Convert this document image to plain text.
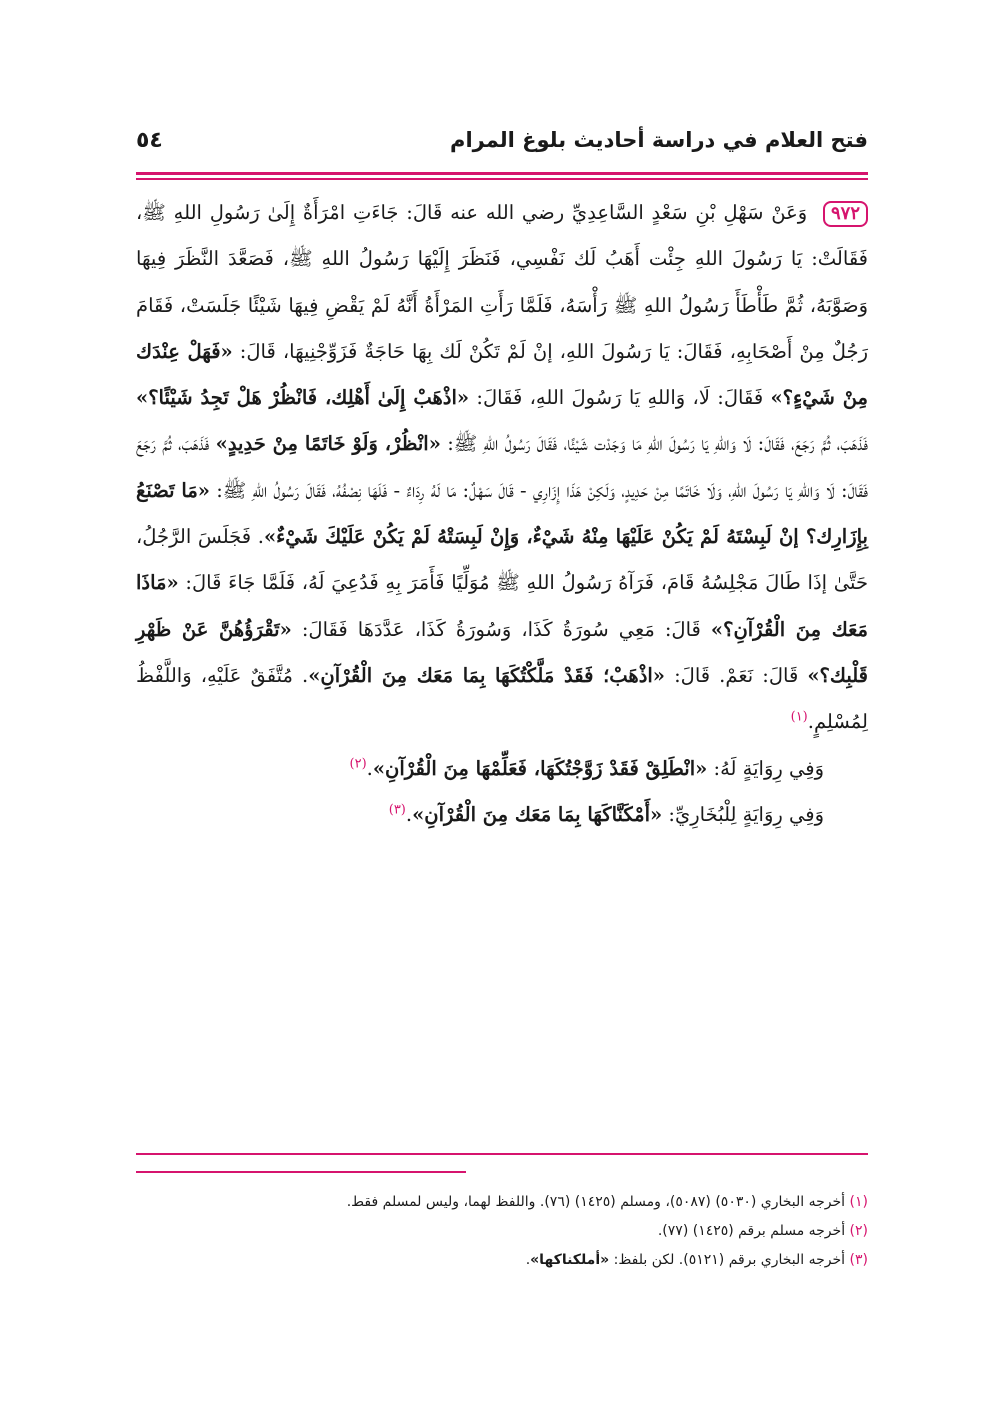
فتح العلام في دراسة أحاديث بلوغ المرام
٥٤

٩٧٢ وَعَنْ سَهْلِ بْنِ سَعْدٍ السَّاعِدِيِّ رضي الله عنه قَالَ: جَاءَتِ امْرَأَةٌ إِلَىٰ رَسُولِ اللهِ ﷺ، فَقَالَتْ: يَا رَسُولَ اللهِ جِئْت أَهَبُ لَك نَفْسِي، فَنَظَرَ إِلَيْهَا رَسُولُ اللهِ ﷺ، فَصَعَّدَ النَّظَرَ فِيهَا وَصَوَّبَهُ، ثُمَّ طَأْطَأَ رَسُولُ اللهِ ﷺ رَأْسَهُ، فَلَمَّا رَأَتِ المَرْأَةُ أَنَّهُ لَمْ يَقْضِ فِيهَا شَيْئًا جَلَسَتْ، فَقَامَ رَجُلٌ مِنْ أَصْحَابِهِ، فَقَالَ: يَا رَسُولَ اللهِ، إنْ لَمْ تَكُنْ لَك بِهَا حَاجَةٌ فَزَوِّجْنِيهَا، قَالَ: «فَهَلْ عِنْدَك مِنْ شَيْءٍ؟» فَقَالَ: لَا، وَاللهِ يَا رَسُولَ اللهِ، فَقَالَ: «اذْهَبْ إِلَىٰ أَهْلِك، فَانْظُرْ هَلْ تَجِدُ شَيْئًا؟» فَذَهَبَ، ثُمَّ رَجَعَ، فَقَالَ: لَا وَاللهِ يَا رَسُولَ اللهِ مَا وَجَدْت شَيْئًا، فَقَالَ رَسُولُ اللهِ ﷺ: «انْظُرْ، وَلَوْ خَاتَمًا مِنْ حَدِيدٍ» فَذَهَبَ، ثُمَّ رَجَعَ فَقَالَ: لَا وَاللهِ يَا رَسُولَ اللهِ، وَلَا خَاتَمًا مِنْ حَدِيدٍ، وَلَكِنْ هَذَا إِزَارِي - قَالَ سَهْلٌ: مَا لَهُ رِدَاءٌ - فَلَهَا نِصْفُهُ، فَقَالَ رَسُولُ اللهِ ﷺ: «مَا تَصْنَعُ بِإِزَارِك؟ إنْ لَبِسْتَهُ لَمْ يَكُنْ عَلَيْهَا مِنْهُ شَيْءٌ، وَإِنْ لَبِسَتْهُ لَمْ يَكُنْ عَلَيْكَ شَيْءٌ». فَجَلَسَ الرَّجُلُ، حَتَّىٰ إذَا طَالَ مَجْلِسُهُ قَامَ، فَرَآهُ رَسُولُ اللهِ ﷺ مُوَلِّيًا فَأَمَرَ بِهِ فَدُعِيَ لَهُ، فَلَمَّا جَاءَ قَالَ: «مَاذَا مَعَك مِنَ الْقُرْآنِ؟» قَالَ: مَعِي سُورَةُ كَذَا، وَسُورَةُ كَذَا، عَدَّدَهَا فَقَالَ: «تَقْرَؤُهُنَّ عَنْ ظَهْرِ قَلْبِك؟» قَالَ: نَعَمْ. قَالَ: «اذْهَبْ؛ فَقَدْ مَلَّكْتُكَهَا بِمَا مَعَك مِنَ الْقُرْآنِ». مُتَّفَقٌ عَلَيْهِ، وَاللَّفْظُ لِمُسْلِمٍ.$^{(١)}$

وَفِي رِوَايَةٍ لَهُ: «انْطَلِقْ فَقَدْ زَوَّجْتُكَهَا، فَعَلِّمْهَا مِنَ الْقُرْآنِ».$^{(٢)}$

وَفِي رِوَايَةٍ لِلْبُخَارِيِّ: «أَمْكَنَّاكَهَا بِمَا مَعَك مِنَ الْقُرْآنِ».$^{(٣)}$

(١) أخرجه البخاري (٥٠٣٠) (٥٠٨٧)، ومسلم (١٤٢٥) (٧٦). واللفظ لهما، وليس لمسلم فقط.

(٢) أخرجه مسلم برقم (١٤٢٥) (٧٧).

(٣) أخرجه البخاري برقم (٥١٢١). لكن بلفظ: «أملكناكها».
